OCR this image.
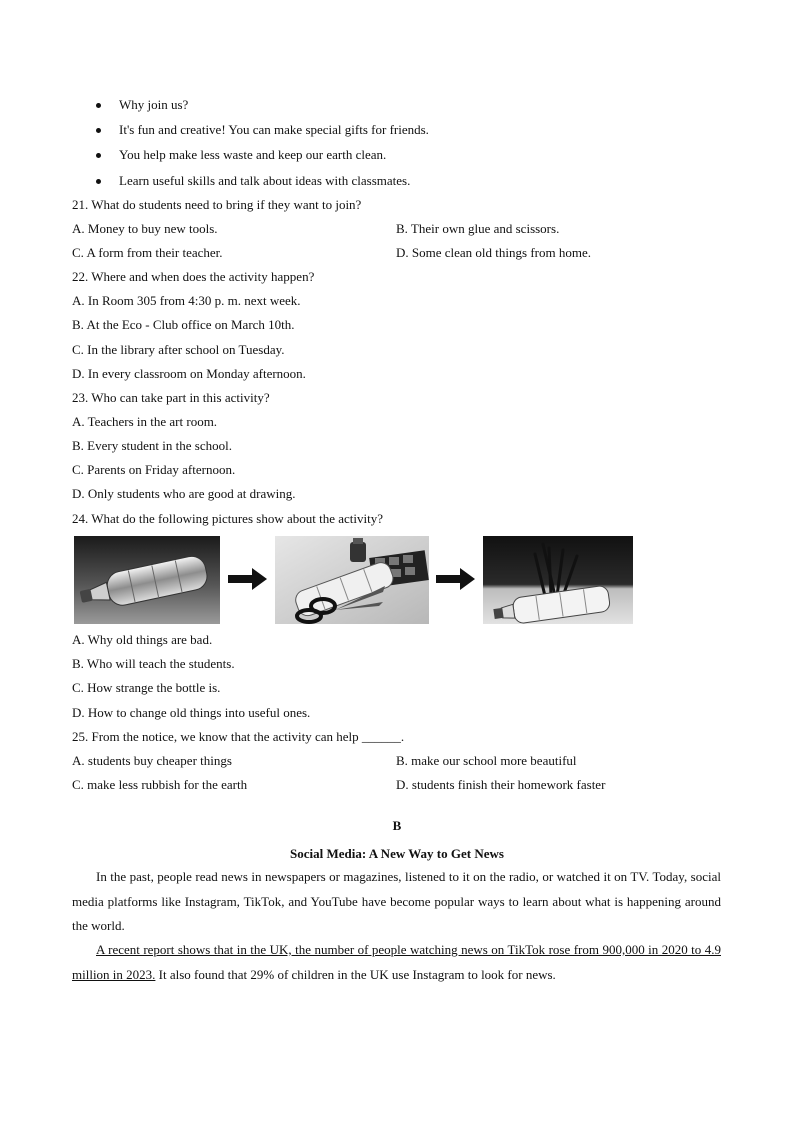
Why join us?
It's fun and creative! You can make special gifts for friends.
You help make less waste and keep our earth clean.
Learn useful skills and talk about ideas with classmates.
21. What do students need to bring if they want to join?
A. Money to buy new tools.	B. Their own glue and scissors.
C. A form from their teacher.	D. Some clean old things from home.
22. Where and when does the activity happen?
A. In Room 305 from 4:30 p. m. next week.
B. At the Eco - Club office on March 10th.
C. In the library after school on Tuesday.
D. In every classroom on Monday afternoon.
23. Who can take part in this activity?
A. Teachers in the art room.
B. Every student in the school.
C. Parents on Friday afternoon.
D. Only students who are good at drawing.
24. What do the following pictures show about the activity?
A. Why old things are bad.
B. Who will teach the students.
C. How strange the bottle is.
D. How to change old things into useful ones.
25. From the notice, we know that the activity can help ______.
A. students buy cheaper things	B. make our school more beautiful
C. make less rubbish for the earth	D. students finish their homework faster
B
Social Media: A New Way to Get News
In the past, people read news in newspapers or magazines, listened to it on the radio, or watched it on TV. Today, social media platforms like Instagram, TikTok, and YouTube have become popular ways to learn about what is happening around the world.
A recent report shows that in the UK, the number of people watching news on TikTok rose from 900,000 in 2020 to 4.9 million in 2023. It also found that 29% of children in the UK use Instagram to look for news.
